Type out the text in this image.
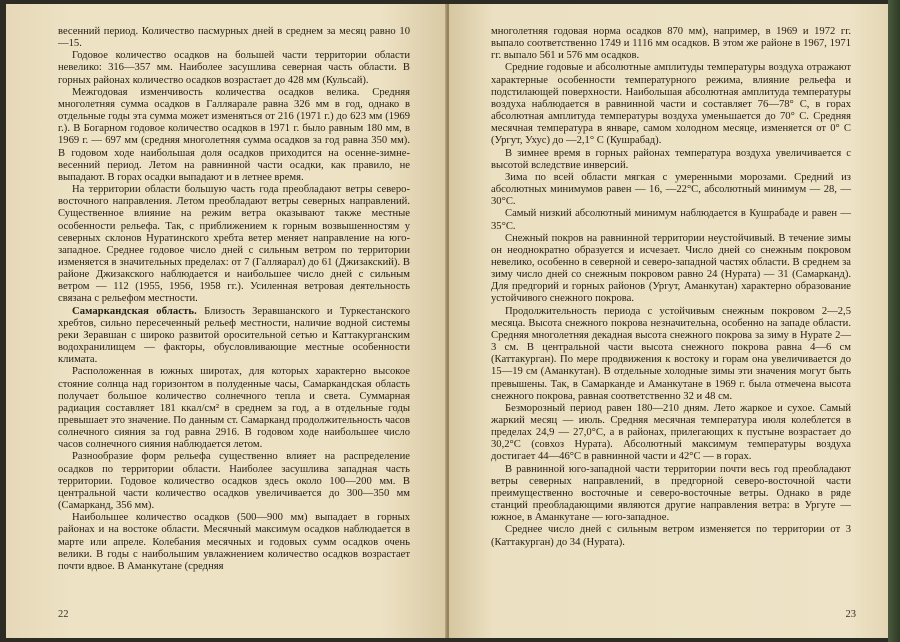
весенний период. Количество пасмурных дней в среднем за месяц равно 10—15.

Годовое количество осадков на большей части территории области невелико: 316—357 мм. Наиболее засушлива северная часть области. В горных районах количество осадков возрастает до 428 мм (Кульсай).

Межгодовая изменчивость количества осадков велика. Средняя многолетняя сумма осадков в Галляарале равна 326 мм в год, однако в отдельные годы эта сумма может изменяться от 216 (1971 г.) до 623 мм (1969 г.). В Богарном годовое количество осадков в 1971 г. было равным 180 мм, в 1969 г. — 697 мм (средняя многолетняя сумма осадков за год равна 350 мм). В годовом ходе наибольшая доля осадков приходится на осенне-зимне-весенний период. Летом на равнинной части осадки, как правило, не выпадают. В горах осадки выпадают и в летнее время.

На территории области большую часть года преобладают ветры северо-восточного направления. Летом преобладают ветры северных направлений. Существенное влияние на режим ветра оказывают также местные особенности рельефа. Так, с приближением к горным возвышенностям у северных склонов Нуратинского хребта ветер меняет направление на юго-западное. Среднее годовое число дней с сильным ветром по территории изменяется в значительных пределах: от 7 (Галляарал) до 61 (Джизакский). В районе Джизакского наблюдается и наибольшее число дней с сильным ветром — 112 (1955, 1956, 1958 гг.). Усиленная ветровая деятельность связана с рельефом местности.

Самаркандская область. Близость Зеравшанского и Туркестанского хребтов, сильно пересеченный рельеф местности, наличие водной системы реки Зеравшан с широко развитой оросительной сетью и Каттакурганским водохранилищем — факторы, обусловливающие местные особенности климата.

Расположенная в южных широтах, для которых характерно высокое стояние солнца над горизонтом в полуденные часы, Самаркандская область получает большое количество солнечного тепла и света. Суммарная радиация составляет 181 ккал/см² в среднем за год, а в отдельные годы превышает это значение. По данным ст. Самарканд продолжительность часов солнечного сияния за год равна 2916. В годовом ходе наибольшее число часов солнечного сияния наблюдается летом.

Разнообразие форм рельефа существенно влияет на распределение осадков по территории области. Наиболее засушлива западная часть территории. Годовое количество осадков здесь около 100—200 мм. В центральной части количество осадков увеличивается до 300—350 мм (Самарканд, 356 мм).

Наибольшее количество осадков (500—900 мм) выпадает в горных районах и на востоке области. Месячный максимум осадков наблюдается в марте или апреле. Колебания месячных и годовых сумм осадков очень велики. В годы с наибольшим увлажнением количество осадков возрастает почти вдвое. В Аманкутане (средняя

22

многолетняя годовая норма осадков 870 мм), например, в 1969 и 1972 гг. выпало соответственно 1749 и 1116 мм осадков. В этом же районе в 1967, 1971 гг. выпало 561 и 576 мм осадков.

Средние годовые и абсолютные амплитуды температуры воздуха отражают характерные особенности температурного режима, влияние рельефа и подстилающей поверхности. Наибольшая абсолютная амплитуда температуры воздуха наблюдается в равнинной части и составляет 76—78° С, в горах абсолютная амплитуда температуры воздуха уменьшается до 70° С. Средняя месячная температура в январе, самом холодном месяце, изменяется от 0° С (Ургут, Ухус) до —2,1° С (Кушрабад).

В зимнее время в горных районах температура воздуха увеличивается с высотой вследствие инверсий.

Зима по всей области мягкая с умеренными морозами. Средний из абсолютных минимумов равен — 16, —22°С, абсолютный минимум — 28, —30°С.

Самый низкий абсолютный минимум наблюдается в Кушрабаде и равен —35°С.

Снежный покров на равнинной территории неустойчивый. В течение зимы он неоднократно образуется и исчезает. Число дней со снежным покровом невелико, особенно в северной и северо-западной частях области. В среднем за зиму число дней со снежным покровом равно 24 (Нурата) — 31 (Самарканд). Для предгорий и горных районов (Ургут, Аманкутан) характерно образование устойчивого снежного покрова.

Продолжительность периода с устойчивым снежным покровом 2—2,5 месяца. Высота снежного покрова незначительна, особенно на западе области. Средняя многолетняя декадная высота снежного покрова за зиму в Нурате 2—3 см. В центральной части высота снежного покрова равна 4—6 см (Каттакурган). По мере продвижения к востоку и горам она увеличивается до 15—19 см (Аманкутан). В отдельные холодные зимы эти значения могут быть превышены. Так, в Самарканде и Аманкутане в 1969 г. была отмечена высота снежного покрова, равная соответственно 32 и 48 см.

Безморозный период равен 180—210 дням. Лето жаркое и сухое. Самый жаркий месяц — июль. Средняя месячная температура июля колеблется в пределах 24,9 — 27,0°С, а в районах, прилегающих к пустыне возрастает до 30,2°С (совхоз Нурата). Абсолютный максимум температуры воздуха достигает 44—46°С в равнинной части и 42°С — в горах.

В равнинной юго-западной части территории почти весь год преобладают ветры северных направлений, в предгорной северо-восточной части преимущественно восточные и северо-восточные ветры. Однако в ряде станций преобладающими являются другие направления ветра: в Ургуте — южное, в Аманкутане — юго-западное.

Среднее число дней с сильным ветром изменяется по территории от 3 (Каттакурган) до 34 (Нурата).

23
